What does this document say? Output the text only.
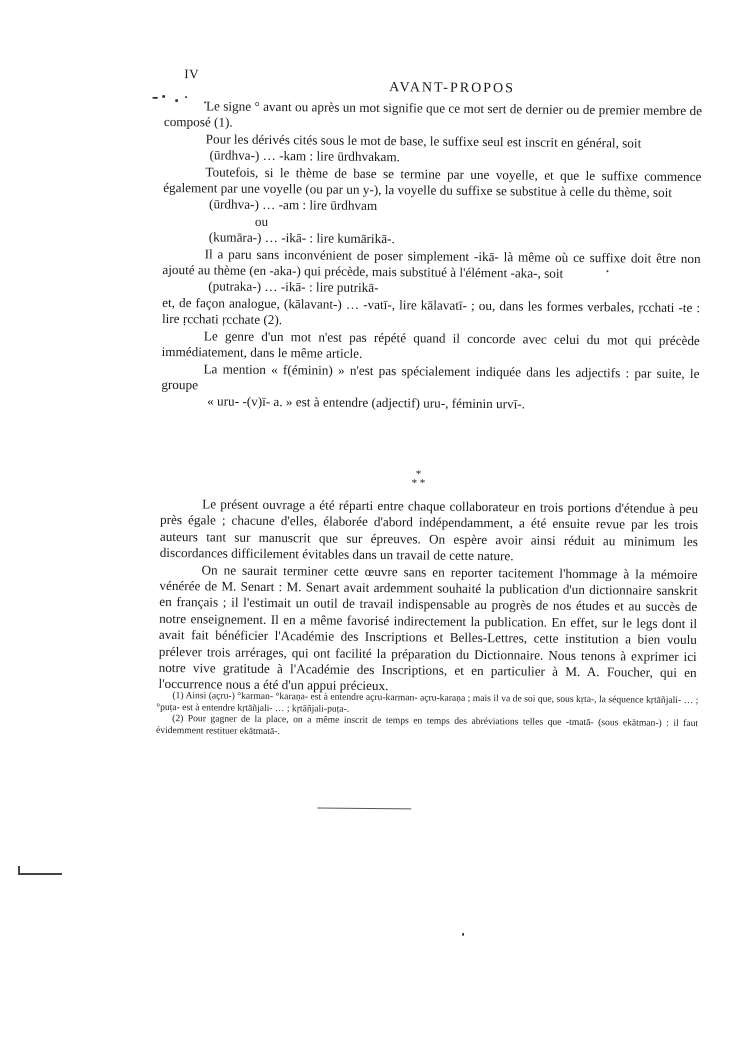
IV
AVANT-PROPOS

Le signe ° avant ou après un mot signifie que ce mot sert de dernier ou de premier membre de composé (1).

Pour les dérivés cités sous le mot de base, le suffixe seul est inscrit en général, soit

(ūrdhva-) … -kam : lire ūrdhvakam.

Toutefois, si le thème de base se termine par une voyelle, et que le suffixe commence également par une voyelle (ou par un y-), la voyelle du suffixe se substitue à celle du thème, soit

(ūrdhva-) … -am : lire ūrdhvam

ou

(kumāra-) … -ikā- : lire kumārikā-.

Il a paru sans inconvénient de poser simplement -ikā- là même où ce suffixe doit être non ajouté au thème (en -aka-) qui précède, mais substitué à l'élément -aka-, soit

(putraka-) … -ikā- : lire putrikā-

et, de façon analogue, (kālavant-) … -vatī-, lire kālavatī- ; ou, dans les formes verbales, ṛcchati -te : lire ṛcchati ṛcchate (2).

Le genre d'un mot n'est pas répété quand il concorde avec celui du mot qui précède immédiatement, dans le même article.

La mention « f(éminin) » n'est pas spécialement indiquée dans les adjectifs : par suite, le groupe

« uru- -(v)ī- a. » est à entendre (adjectif) uru-, féminin urvī-.

*
* *

Le présent ouvrage a été réparti entre chaque collaborateur en trois portions d'étendue à peu près égale ; chacune d'elles, élaborée d'abord indépendamment, a été ensuite revue par les trois auteurs tant sur manuscrit que sur épreuves. On espère avoir ainsi réduit au minimum les discordances difficilement évitables dans un travail de cette nature.

On ne saurait terminer cette œuvre sans en reporter tacitement l'hommage à la mémoire vénérée de M. Senart : M. Senart avait ardemment souhaité la publication d'un dictionnaire sanskrit en français ; il l'estimait un outil de travail indispensable au progrès de nos études et au succès de notre enseignement. Il en a même favorisé indirectement la publication. En effet, sur le legs dont il avait fait bénéficier l'Académie des Inscriptions et Belles-Lettres, cette institution a bien voulu prélever trois arrérages, qui ont facilité la préparation du Dictionnaire. Nous tenons à exprimer ici notre vive gratitude à l'Académie des Inscriptions, et en particulier à M. A. Foucher, qui en l'occurrence nous a été d'un appui précieux.

(1) Ainsi (açru-) °karman- °karaṇa- est à entendre açru-karman- açru-karaṇa ; mais il va de soi que, sous kṛta-, la séquence kṛtāñjali- … ; °puṭa- est à entendre kṛtāñjali- … ; kṛtāñjali-puṭa-.

(2) Pour gagner de la place, on a même inscrit de temps en temps des abréviations telles que -tmatā- (sous ekātman-) : il faut évidemment restituer ekātmatā-.
